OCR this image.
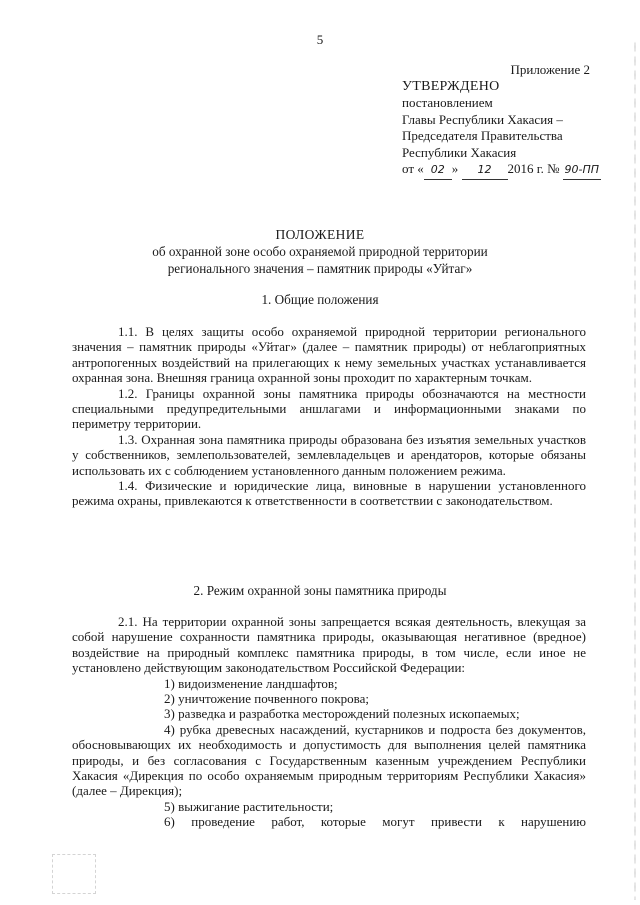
5
Приложение 2
УТВЕРЖДЕНО
постановлением
Главы Республики Хакасия –
Председателя Правительства
Республики Хакасия
от « 02 » 12 2016 г. № 90-ПП
ПОЛОЖЕНИЕ
об охранной зоне особо охраняемой природной территории
регионального значения – памятник природы «Уйтаг»
1. Общие положения

1.1. В целях защиты особо охраняемой природной территории регионального значения – памятник природы «Уйтаг» (далее – памятник природы) от неблагоприятных антропогенных воздействий на прилегающих к нему земельных участках устанавливается охранная зона. Внешняя граница охранной зоны проходит по характерным точкам.

1.2. Границы охранной зоны памятника природы обозначаются на местности специальными предупредительными аншлагами и информационными знаками по периметру территории.

1.3. Охранная зона памятника природы образована без изъятия земельных участков у собственников, землепользователей, землевладельцев и арендаторов, которые обязаны использовать их с соблюдением установленного данным положением режима.

1.4. Физические и юридические лица, виновные в нарушении установленного режима охраны, привлекаются к ответственности в соответствии с законодательством.

2. Режим охранной зоны памятника природы

2.1. На территории охранной зоны запрещается всякая деятельность, влекущая за собой нарушение сохранности памятника природы, оказывающая негативное (вредное) воздействие на природный комплекс памятника природы, в том числе, если иное не установлено действующим законодательством Российской Федерации:

1) видоизменение ландшафтов;

2) уничтожение почвенного покрова;

3) разведка и разработка месторождений полезных ископаемых;

4) рубка древесных насаждений, кустарников и подроста без документов, обосновывающих их необходимость и допустимость для выполнения целей памятника природы, и без согласования с Государственным казенным учреждением Республики Хакасия «Дирекция по особо охраняемым природным территориям Республики Хакасия» (далее – Дирекция);

5) выжигание растительности;

6) проведение работ, которые могут привести к нарушению
